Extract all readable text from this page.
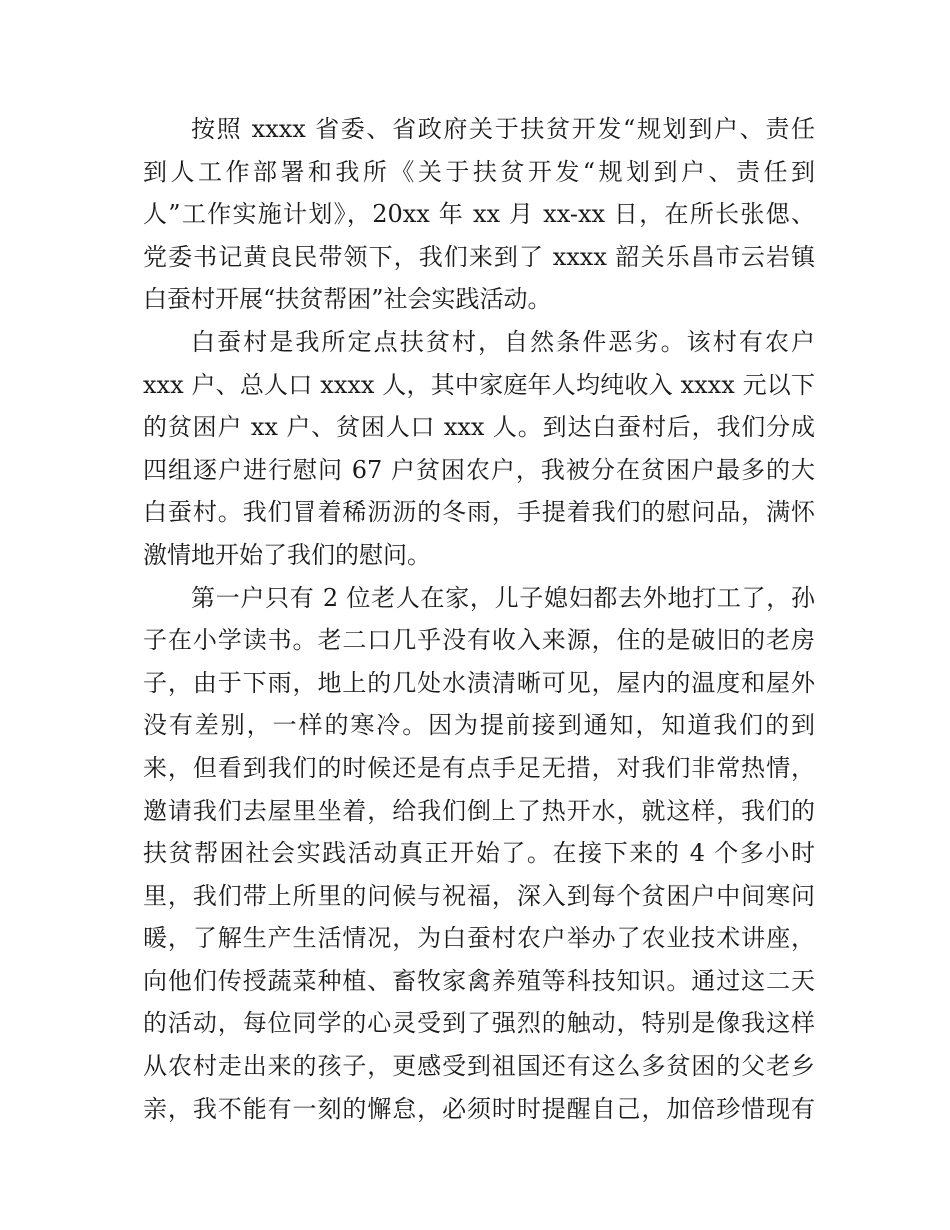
按照 xxxx 省委、省政府关于扶贫开发“规划到户、责任
到人工作部署和我所《关于扶贫开发“规划到户、责任到
人”工作实施计划》，20xx 年 xx 月 xx-xx 日，在所长张偲、
党委书记黄良民带领下，我们来到了 xxxx 韶关乐昌市云岩镇
白蚕村开展“扶贫帮困”社会实践活动。
白蚕村是我所定点扶贫村，自然条件恶劣。该村有农户
xxx 户、总人口 xxxx 人，其中家庭年人均纯收入 xxxx 元以下
的贫困户 xx 户、贫困人口 xxx 人。到达白蚕村后，我们分成
四组逐户进行慰问 67 户贫困农户，我被分在贫困户最多的大
白蚕村。我们冒着稀沥沥的冬雨，手提着我们的慰问品，满怀
激情地开始了我们的慰问。
第一户只有 2 位老人在家，儿子媳妇都去外地打工了，孙
子在小学读书。老二口几乎没有收入来源，住的是破旧的老房
子，由于下雨，地上的几处水渍清晰可见，屋内的温度和屋外
没有差别，一样的寒冷。因为提前接到通知，知道我们的到
来，但看到我们的时候还是有点手足无措，对我们非常热情，
邀请我们去屋里坐着，给我们倒上了热开水，就这样，我们的
扶贫帮困社会实践活动真正开始了。在接下来的 4 个多小时
里，我们带上所里的问候与祝福，深入到每个贫困户中间寒问
暖，了解生产生活情况，为白蚕村农户举办了农业技术讲座，
向他们传授蔬菜种植、畜牧家禽养殖等科技知识。通过这二天
的活动，每位同学的心灵受到了强烈的触动，特别是像我这样
从农村走出来的孩子，更感受到祖国还有这么多贫困的父老乡
亲，我不能有一刻的懈怠，必须时时提醒自己，加倍珍惜现有
